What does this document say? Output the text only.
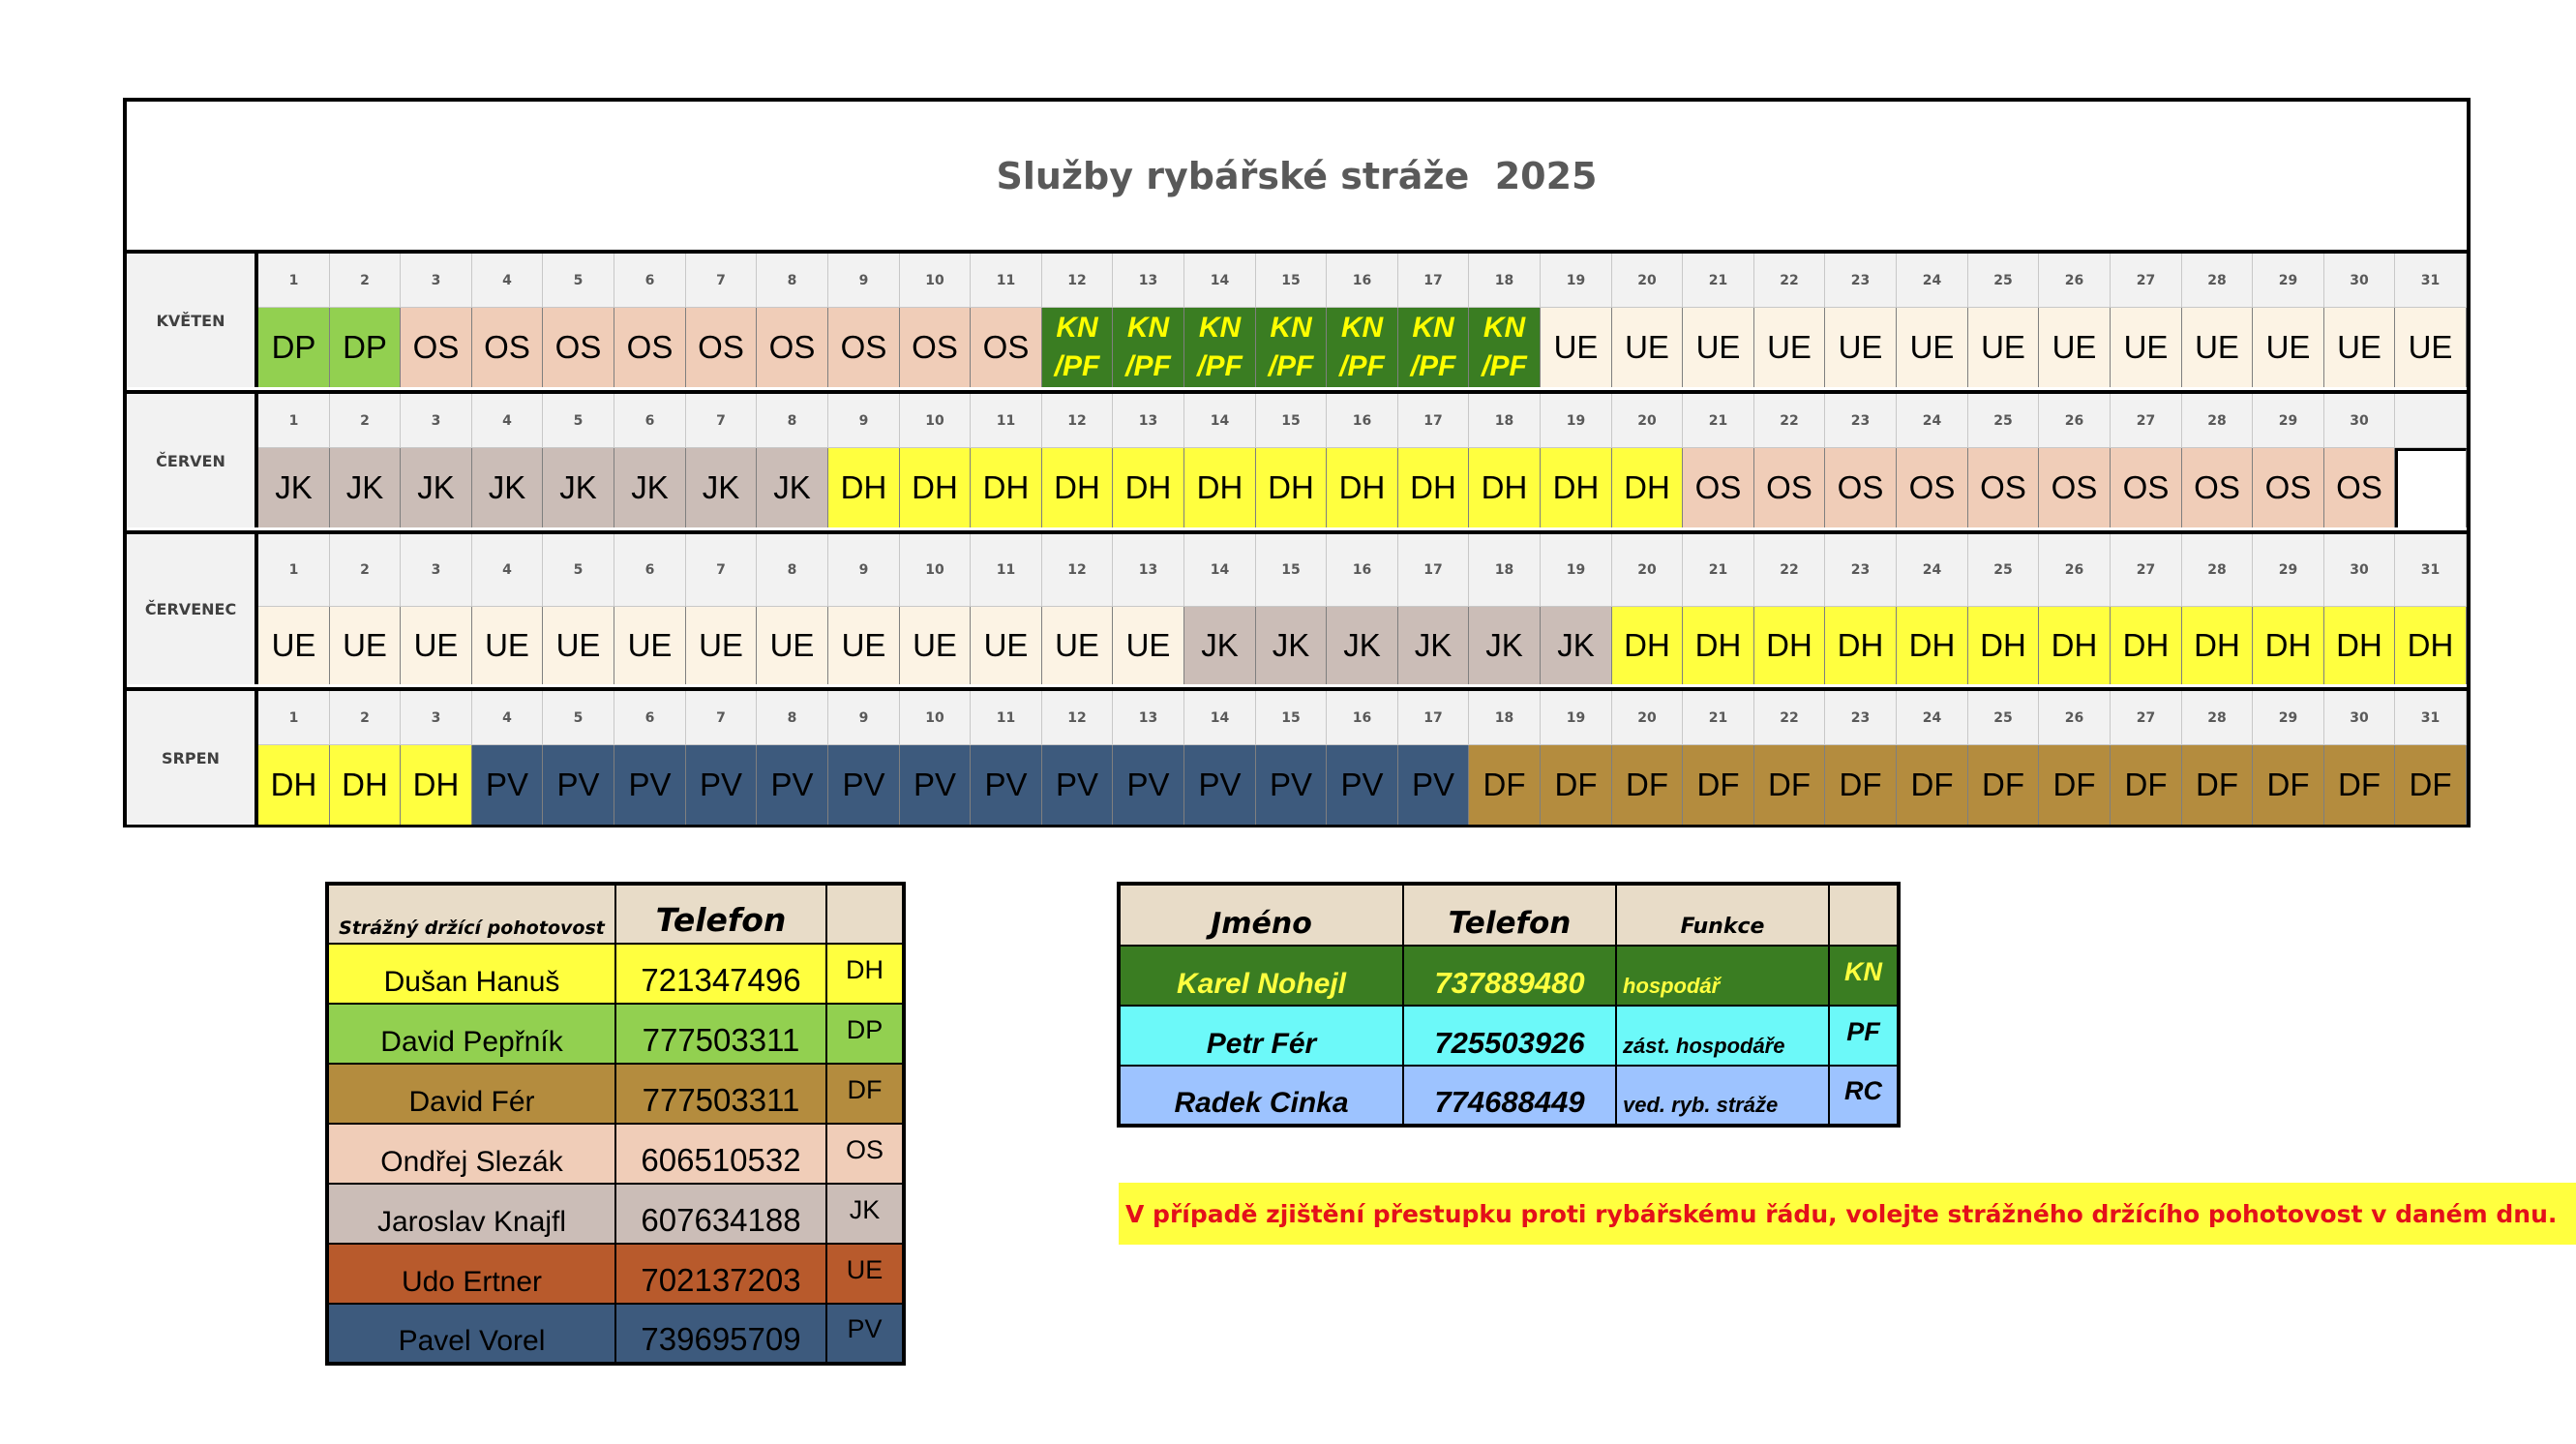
Služby rybářské stráže  2025
KVĚTEN
1	2	3	4	5	6	7	8	9	10	11	12	13	14	15	16	17	18	19	20	21	22	23	24	25	26	27	28	29	30	31
DP DP OS OS OS OS OS OS OS OS OS
KN
/PF
KN
/PF
KN
/PF
KN
/PF
KN
/PF
KN
/PF
KN
/PF
UE UE UE UE UE UE UE UE UE UE UE UE UE
ČERVEN
1	2	3	4	5	6	7	8	9	10	11	12	13	14	15	16	17	18	19	20	21	22	23	24	25	26	27	28	29	30
JK	JK	JK	JK	JK	JK	JK	JK DH DH DH DH DH DH DH DH DH DH DH DH OS OS OS OS OS OS OS OS OS OS
ČERVENEC
1	2	3	4	5	6	7	8	9	10	11	12	13	14	15	16	17	18	19	20	21	22	23	24	25	26	27	28	29	30	31
UE UE UE UE UE UE UE UE UE UE UE UE UE JK	JK	JK	JK	JK	JK DH DH DH DH DH DH DH DH DH DH DH DH
SRPEN
1	2	3	4	5	6	7	8	9	10	11	12	13	14	15	16	17	18	19	20	21	22	23	24	25	26	27	28	29	30	31
DH DH DH PV PV PV PV PV PV PV PV PV PV PV PV PV PV DF DF DF DF DF DF DF DF DF DF DF DF DF DF
Strážný držící pohotovost	Telefon	
Dušan Hanuš	721347496	DH
David Pepřník	777503311	DP
David Fér	777503311	DF
Ondřej Slezák	606510532	OS
Jaroslav Knajfl	607634188	JK
Udo Ertner	702137203	UE
Pavel Vorel	739695709	PV
Jméno	Telefon	Funkce	
Karel Nohejl	737889480	hospodář	KN
Petr Fér	725503926	zást. hospodáře	PF
Radek Cinka	774688449	ved. ryb. stráže	RC
V případě zjištění přestupku proti rybářskému řádu, volejte strážného držícího pohotovost v daném dnu.
